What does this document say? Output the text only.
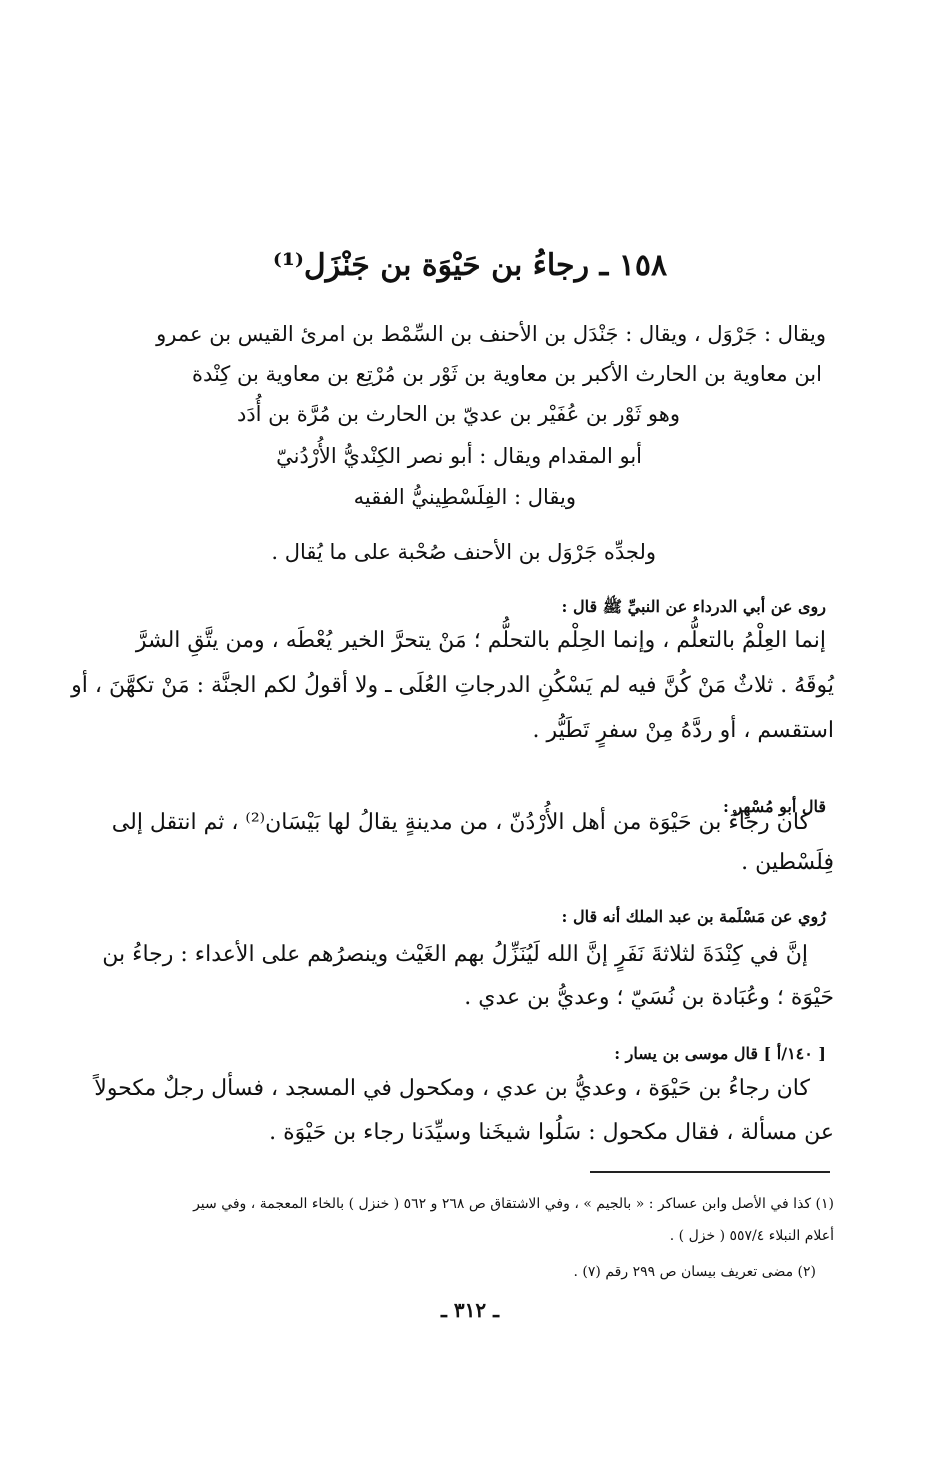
١٥٨ ـ رجاءُ بن حَيْوَة بن جَنْزَل⁽¹⁾
ويقال : جَرْوَل ، ويقال : جَنْدَل بن الأحنف بن السِّمْط بن امرئ القيس بن عمرو
ابن معاوية بن الحارث الأكبر بن معاوية بن ثَوْر بن مُرْتِع بن معاوية بن كِنْدة
وهو ثَوْر بن عُفَيْر بن عديّ بن الحارث بن مُرَّة بن أُدَد
أبو المقدام ويقال : أبو نصر الكِنْديُّ الأُرْدُنيّ
ويقال : الفِلَسْطِينيُّ الفقيه
ولجدِّه جَرْوَل بن الأحنف صُحْبة على ما يُقال .
روى عن أبي الدرداء عن النبيِّ ﷺ قال :
إنما العِلْمُ بالتعلُّم ، وإنما الحِلْم بالتحلُّم ؛ مَنْ يتحرَّ الخير يُعْطَه ، ومن يتَّقِ الشرَّ
يُوقَهُ . ثلاثٌ مَنْ كُنَّ فيه لم يَسْكُنِ الدرجاتِ العُلَى ـ ولا أقولُ لكم الجنَّة : مَنْ تكهَّنَ ، أو
استقسم ، أو ردَّهُ مِنْ سفرٍ تَطَيُّر .
قال أبو مُسْهِر :
كان رجاءُ بن حَيْوَة من أهل الأُرْدُنّ ، من مدينةٍ يقالُ لها بَيْسَان⁽²⁾ ، ثم انتقل إلى
فِلَسْطين .
رُوي عن مَسْلَمة بن عبد الملك أنه قال :
إنَّ في كِنْدَةَ لثلاثةَ نَفَرٍ إنَّ الله لَيُنَزِّلُ بهم الغَيْث وينصرُهم على الأعداء : رجاءُ بن
حَيْوَة ؛ وعُبَادة بن نُسَيّ ؛ وعديُّ بن عدي .
[ ١٤٠/أ ] قال موسى بن يسار :
كان رجاءُ بن حَيْوَة ، وعديُّ بن عدي ، ومكحول في المسجد ، فسأل رجلٌ مكحولاً
عن مسألة ، فقال مكحول : سَلُوا شيخَنا وسيِّدَنا رجاء بن حَيْوَة .
(١) كذا في الأصل وابن عساكر : « بالجيم » ، وفي الاشتقاق ص ٢٦٨ و ٥٦٢ ( خنزل ) بالخاء المعجمة ، وفي سير
أعلام النبلاء ٥٥٧/٤ ( خزل ) .
(٢) مضى تعريف بيسان ص ٢٩٩ رقم (٧) .
ـ ٣١٢ ـ
